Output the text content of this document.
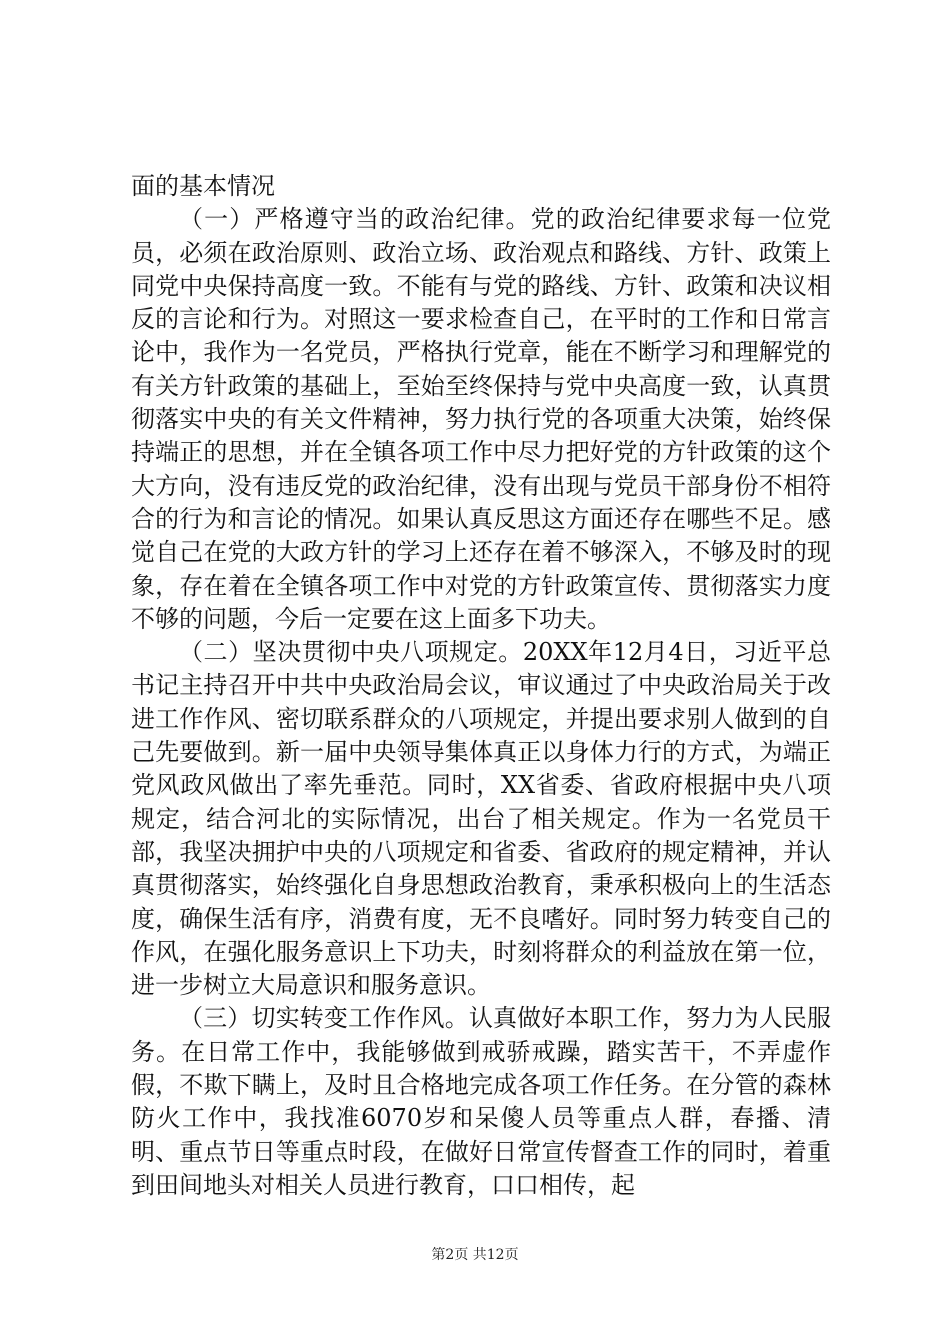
面的基本情况

（一）严格遵守当的政治纪律。党的政治纪律要求每一位党员，必须在政治原则、政治立场、政治观点和路线、方针、政策上同党中央保持高度一致。不能有与党的路线、方针、政策和决议相反的言论和行为。对照这一要求检查自己，在平时的工作和日常言论中，我作为一名党员，严格执行党章，能在不断学习和理解党的有关方针政策的基础上，至始至终保持与党中央高度一致，认真贯彻落实中央的有关文件精神，努力执行党的各项重大决策，始终保持端正的思想，并在全镇各项工作中尽力把好党的方针政策的这个大方向，没有违反党的政治纪律，没有出现与党员干部身份不相符合的行为和言论的情况。如果认真反思这方面还存在哪些不足。感觉自己在党的大政方针的学习上还存在着不够深入，不够及时的现象，存在着在全镇各项工作中对党的方针政策宣传、贯彻落实力度不够的问题，今后一定要在这上面多下功夫。

（二）坚决贯彻中央八项规定。20XX年12月4日，习近平总书记主持召开中共中央政治局会议，审议通过了中央政治局关于改进工作作风、密切联系群众的八项规定，并提出要求别人做到的自己先要做到。新一届中央领导集体真正以身体力行的方式，为端正党风政风做出了率先垂范。同时，XX省委、省政府根据中央八项规定，结合河北的实际情况，出台了相关规定。作为一名党员干部，我坚决拥护中央的八项规定和省委、省政府的规定精神，并认真贯彻落实，始终强化自身思想政治教育，秉承积极向上的生活态度，确保生活有序，消费有度，无不良嗜好。同时努力转变自己的作风，在强化服务意识上下功夫，时刻将群众的利益放在第一位，进一步树立大局意识和服务意识。

（三）切实转变工作作风。认真做好本职工作，努力为人民服务。在日常工作中，我能够做到戒骄戒躁，踏实苦干，不弄虚作假，不欺下瞒上，及时且合格地完成各项工作任务。在分管的森林防火工作中，我找准6070岁和呆傻人员等重点人群，春播、清明、重点节日等重点时段，在做好日常宣传督查工作的同时，着重到田间地头对相关人员进行教育，口口相传，起

第2页 共12页
